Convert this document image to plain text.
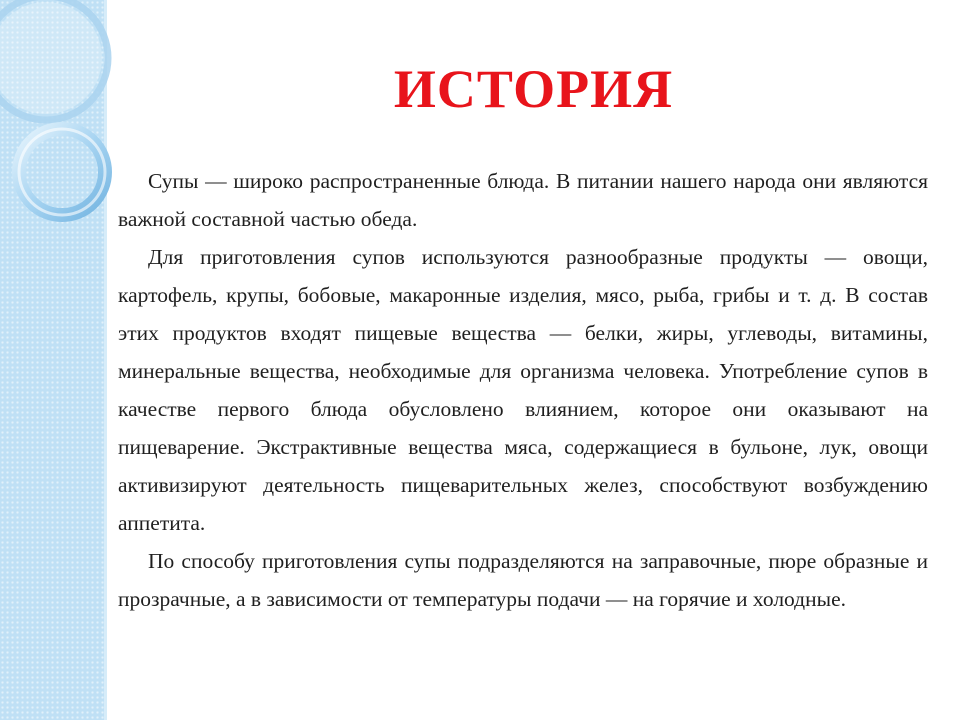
ИСТОРИЯ

Супы — широко распространенные блюда. В питании нашего народа они являются важной составной частью обеда.

Для приготовления супов используются разнообразные продукты — овощи, картофель, крупы, бобовые, макаронные изделия, мясо, рыба, грибы и т. д. В состав этих продуктов входят пищевые вещества — белки, жиры, углеводы, витамины, минеральные вещества, необходимые для организма человека. Употребление супов в качестве первого блюда обусловлено влиянием, которое они оказывают на пищеварение. Экстрактивные вещества мяса, содержащиеся в бульоне, лук, овощи активизируют деятельность пищеварительных желез, способствуют возбуждению аппетита.

По способу приготовления супы подразделяются на заправочные, пюре образные и прозрачные, а в зависимости от температуры подачи — на горячие и холодные.
